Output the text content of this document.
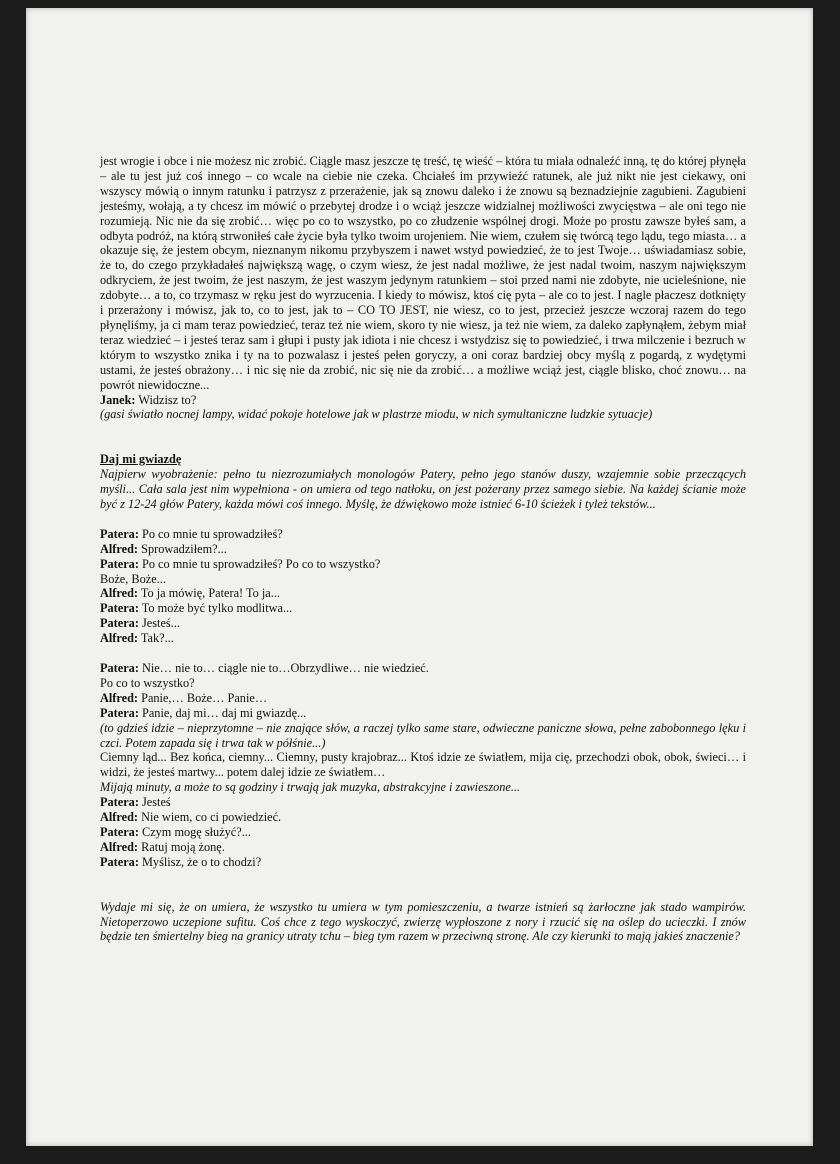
jest wrogie i obce i nie możesz nic zrobić. Ciągle masz jeszcze tę treść, tę wieść – która tu miała odnaleźć inną, tę do której płynęła – ale tu jest już coś innego – co wcale na ciebie nie czeka. Chciałeś im przywieźć ratunek, ale już nikt nie jest ciekawy, oni wszyscy mówią o innym ratunku i patrzysz z przerażenie, jak są znowu daleko i że znowu są beznadziejnie zagubieni. Zagubieni jesteśmy, wołają, a ty chcesz im mówić o przebytej drodze i o wciąż jeszcze widzialnej możliwości zwycięstwa – ale oni tego nie rozumieją. Nic nie da się zrobić… więc po co to wszystko, po co złudzenie wspólnej drogi. Może po prostu zawsze byłeś sam, a odbyta podróż, na którą strwoniłeś całe życie była tylko twoim urojeniem. Nie wiem, czułem się twórcą tego lądu, tego miasta… a okazuje się, że jestem obcym, nieznanym nikomu przybyszem i nawet wstyd powiedzieć, że to jest Twoje… uświadamiasz sobie, że to, do czego przykładałeś największą wagę, o czym wiesz, że jest nadal możliwe, że jest nadal twoim, naszym największym odkryciem, że jest twoim, że jest naszym, że jest waszym jedynym ratunkiem – stoi przed nami nie zdobyte, nie ucieleśnione, nie zdobyte… a to, co trzymasz w ręku jest do wyrzucenia. I kiedy to mówisz, ktoś cię pyta – ale co to jest. I nagle płaczesz dotknięty i przerażony i mówisz, jak to, co to jest, jak to – CO TO JEST, nie wiesz, co to jest, przecież jeszcze wczoraj razem do tego płynęliśmy, ja ci mam teraz powiedzieć, teraz też nie wiem, skoro ty nie wiesz, ja też nie wiem, za daleko zapłynąłem, żebym miał teraz wiedzieć – i jesteś teraz sam i głupi i pusty jak idiota i nie chcesz i wstydzisz się to powiedzieć, i trwa milczenie i bezruch w którym to wszystko znika i ty na to pozwalasz i jesteś pełen goryczy, a oni coraz bardziej obcy myślą z pogardą, z wydętymi ustami, że jesteś obrażony… i nic się nie da zrobić, nic się nie da zrobić… a możliwe wciąż jest, ciągle blisko, choć znowu… na powrót niewidoczne...

Janek: Widzisz to?

(gasi światło nocnej lampy, widać pokoje hotelowe jak w plastrze miodu, w nich symultaniczne ludzkie sytuacje)

Daj mi gwiazdę

Najpierw wyobrażenie: pełno tu niezrozumiałych monologów Patery, pełno jego stanów duszy, wzajemnie sobie przeczących myśli... Cała sala jest nim wypełniona - on umiera od tego natłoku, on jest pożerany przez samego siebie. Na każdej ścianie może być z 12-24 głów Patery, każda mówi coś innego. Myślę, że dźwiękowo może istnieć 6-10 ścieżek i tyleż tekstów...

Patera: Po co mnie tu sprowadziłeś?

Alfred: Sprowadziłem?...

Patera: Po co mnie tu sprowadziłeś? Po co to wszystko?

Boże, Boże...

Alfred: To ja mówię, Patera! To ja...

Patera: To może być tylko modlitwa...

Patera: Jesteś...

Alfred: Tak?...

Patera: Nie… nie to… ciągle nie to…Obrzydliwe… nie wiedzieć.

Po co to wszystko?

Alfred: Panie,… Boże… Panie…

Patera: Panie, daj mi… daj mi gwiazdę...

(to gdzieś idzie – nieprzytomne – nie znające słów, a raczej tylko same stare, odwieczne paniczne słowa, pełne zabobonnego lęku i czci. Potem zapada się i trwa tak w półśnie...)

Ciemny ląd... Bez końca, ciemny... Ciemny, pusty krajobraz... Ktoś idzie ze światłem, mija cię, przechodzi obok, obok, świeci… i widzi, że jesteś martwy... potem dalej idzie ze światłem…

Mijają minuty, a może to są godziny i trwają jak muzyka, abstrakcyjne i zawieszone...

Patera: Jesteś

Alfred: Nie wiem, co ci powiedzieć.

Patera: Czym mogę służyć?...

Alfred: Ratuj moją żonę.

Patera: Myślisz, że o to chodzi?

Wydaje mi się, że on umiera, że wszystko tu umiera w tym pomieszczeniu, a twarze istnień są żarłoczne jak stado wampirów. Nietoperzowo uczepione sufitu. Coś chce z tego wyskoczyć, zwierzę wypłoszone z nory i rzucić się na oślep do ucieczki. I znów będzie ten śmiertelny bieg na granicy utraty tchu – bieg tym razem w przeciwną stronę. Ale czy kierunki to mają jakieś znaczenie?
